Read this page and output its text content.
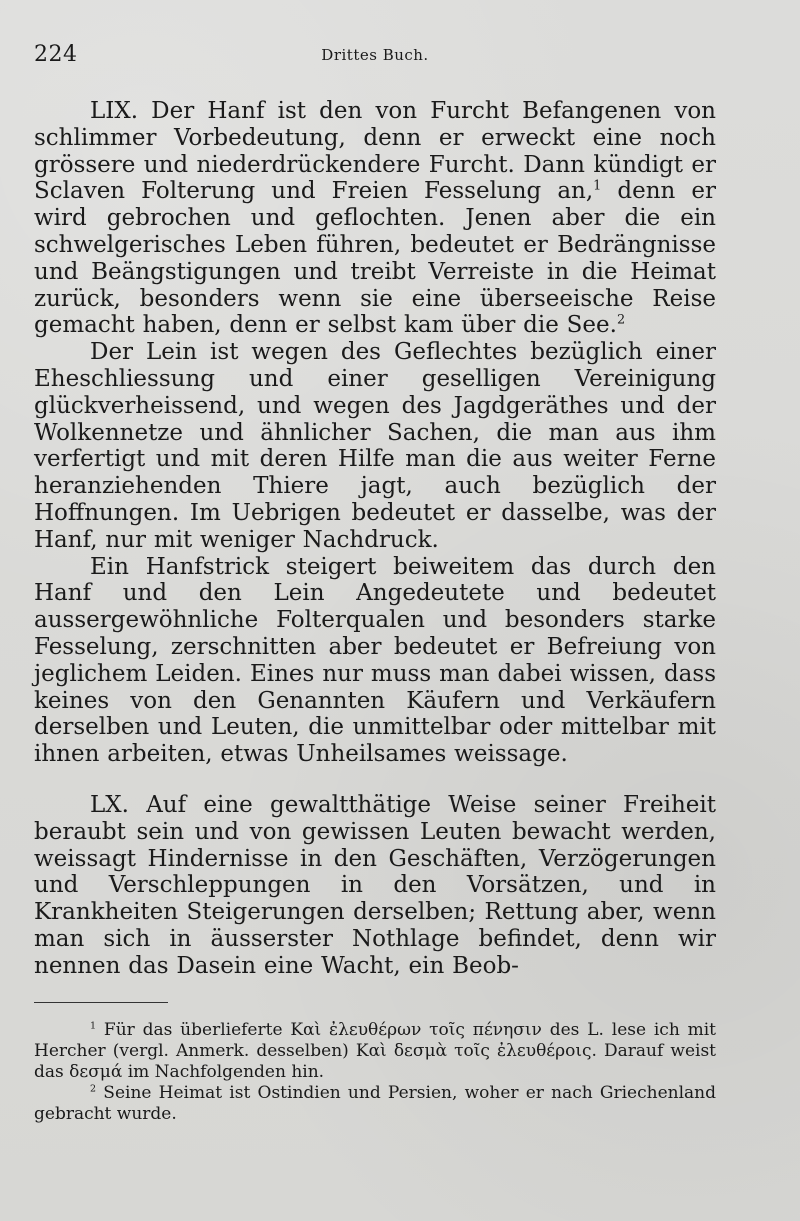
224	Drittes Buch.

LIX. Der Hanf ist den von Furcht Befangenen von schlimmer Vorbedeutung, denn er erweckt eine noch grössere und niederdrückendere Furcht. Dann kündigt er Sclaven Folterung und Freien Fesselung an,$^1$ denn er wird gebrochen und geflochten. Jenen aber die ein schwelgerisches Leben führen, bedeutet er Bedrängnisse und Beängstigungen und treibt Verreiste in die Heimat zurück, besonders wenn sie eine überseeische Reise gemacht haben, denn er selbst kam über die See.$^2$

Der Lein ist wegen des Geflechtes bezüglich einer Eheschliessung und einer geselligen Vereinigung glückverheissend, und wegen des Jagdgeräthes und der Wolkennetze und ähnlicher Sachen, die man aus ihm verfertigt und mit deren Hilfe man die aus weiter Ferne heranziehenden Thiere jagt, auch bezüglich der Hoffnungen. Im Uebrigen bedeutet er dasselbe, was der Hanf, nur mit weniger Nachdruck.

Ein Hanfstrick steigert beiweitem das durch den Hanf und den Lein Angedeutete und bedeutet aussergewöhnliche Folterqualen und besonders starke Fesselung, zerschnitten aber bedeutet er Befreiung von jeglichem Leiden. Eines nur muss man dabei wissen, dass keines von den Genannten Käufern und Verkäufern derselben und Leuten, die unmittelbar oder mittelbar mit ihnen arbeiten, etwas Unheilsames weissage.

LX. Auf eine gewaltthätige Weise seiner Freiheit beraubt sein und von gewissen Leuten bewacht werden, weissagt Hindernisse in den Geschäften, Verzögerungen und Verschleppungen in den Vorsätzen, und in Krankheiten Steigerungen derselben; Rettung aber, wenn man sich in äusserster Nothlage befindet, denn wir nennen das Dasein eine Wacht, ein Beob-

$^1$ Für das überlieferte Καὶ ἐλευθέρων τοῖς πένησιν des L. lese ich mit Hercher (vergl. Anmerk. desselben) Καὶ δεσμὰ τοῖς ἐλευθέροις. Darauf weist das δεσμά im Nachfolgenden hin.

$^2$ Seine Heimat ist Ostindien und Persien, woher er nach Griechenland gebracht wurde.
